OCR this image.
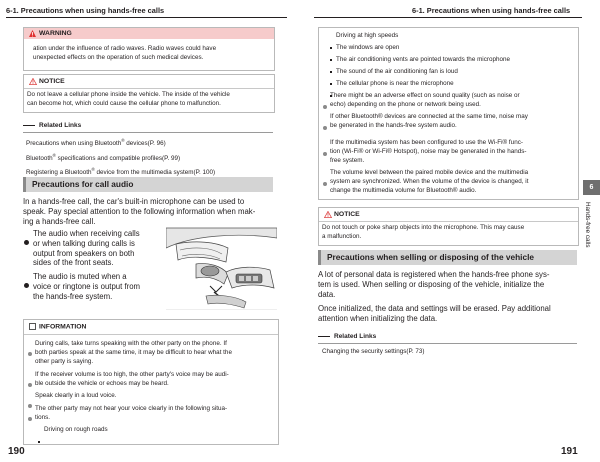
6-1. Precautions when using hands-free calls	6-1. Precautions when using hands-free calls
WARNING
ation under the influence of radio waves. Radio waves could have
unexpected effects on the operation of such medical devices.
NOTICE
Do not leave a cellular phone inside the vehicle. The inside of the vehicle
can become hot, which could cause the cellular phone to malfunction.
Related Links
Precautions when using Bluetooth® devices(P. 96)
Bluetooth® specifications and compatible profiles(P. 99)
Registering a Bluetooth® device from the multimedia system(P. 100)
Precautions for call audio
In a hands-free call, the car's built-in microphone can be used to
speak. Pay special attention to the following information when mak-
ing a hands-free call.
The audio when receiving calls
or when talking during calls is
output from speakers on both
sides of the front seats.
The audio is muted when a
voice or ringtone is output from
the hands-free system.
INFORMATION
During calls, take turns speaking with the other party on the phone. If
both parties speak at the same time, it may be difficult to hear what the
other party is saying.
If the receiver volume is too high, the other party's voice may be audi-
ble outside the vehicle or echoes may be heard.
Speak clearly in a loud voice.
The other party may not hear your voice clearly in the following situa-
tions.
Driving on rough roads
190
Driving at high speeds
The windows are open
The air conditioning vents are pointed towards the microphone
The sound of the air conditioning fan is loud
The cellular phone is near the microphone
There might be an adverse effect on sound quality (such as noise or
echo) depending on the phone or network being used.
If other Bluetooth® devices are connected at the same time, noise may
be generated in the hands-free system audio.
If the multimedia system has been configured to use the Wi-Fi® func-
tion (Wi-Fi® or Wi-Fi® Hotspot), noise may be generated in the hands-
free system.
The volume level between the paired mobile device and the multimedia
system are synchronized. When the volume of the device is changed, it
change the multimedia volume for Bluetooth® audio.
NOTICE
Do not touch or poke sharp objects into the microphone. This may cause
a malfunction.
Precautions when selling or disposing of the vehicle
A lot of personal data is registered when the hands-free phone sys-
tem is used. When selling or disposing of the vehicle, initialize the
data.
Once initialized, the data and settings will be erased. Pay additional
attention when initializing the data.
Related Links
Changing the security settings(P. 73)
191
6
Hands-free calls
